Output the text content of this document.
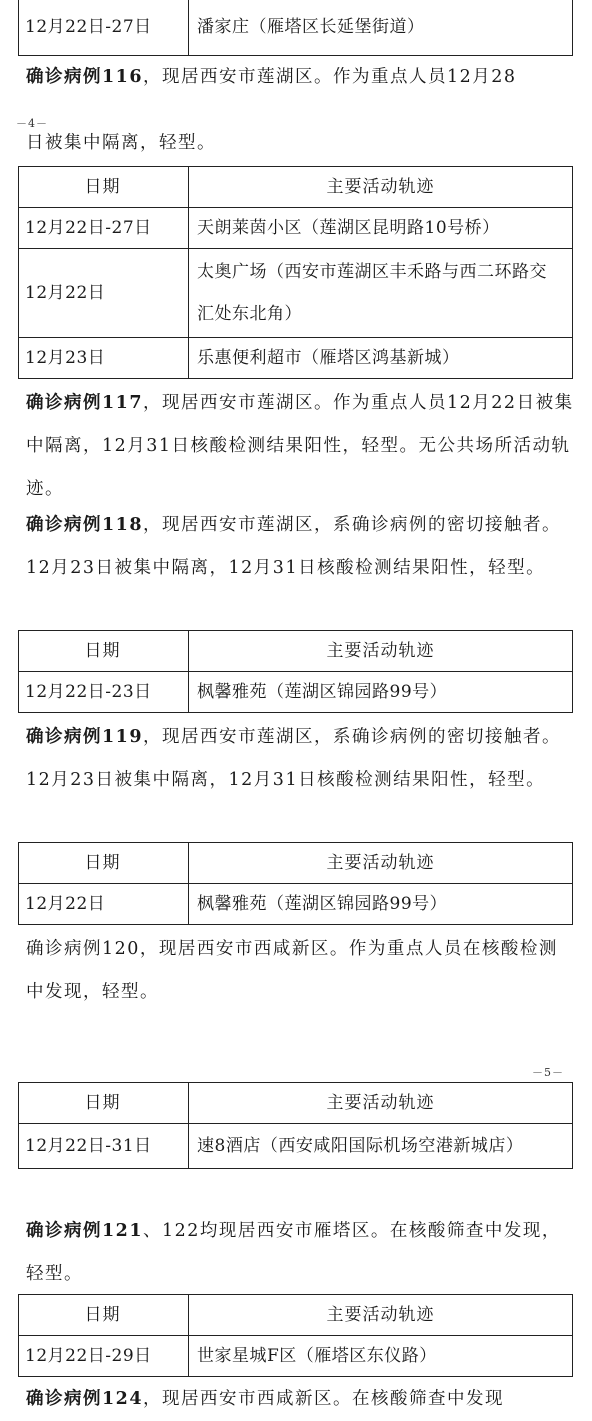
12月22日-27日	潘家庄（雁塔区长延堡街道）

确诊病例116，现居西安市莲湖区。作为重点人员12月28

－4－

日被集中隔离，轻型。

日期	主要活动轨迹
12月22日-27日	天朗莱茵小区（莲湖区昆明路10号桥）
12月22日	太奥广场（西安市莲湖区丰禾路与西二环路交汇处东北角）
12月23日	乐惠便利超市（雁塔区鸿基新城）

确诊病例117，现居西安市莲湖区。作为重点人员12月22日被集中隔离，12月31日核酸检测结果阳性，轻型。无公共场所活动轨迹。

确诊病例118，现居西安市莲湖区，系确诊病例的密切接触者。12月23日被集中隔离，12月31日核酸检测结果阳性，轻型。

日期	主要活动轨迹
12月22日-23日	枫馨雅苑（莲湖区锦园路99号）

确诊病例119，现居西安市莲湖区，系确诊病例的密切接触者。12月23日被集中隔离，12月31日核酸检测结果阳性，轻型。

日期	主要活动轨迹
12月22日	枫馨雅苑（莲湖区锦园路99号）

确诊病例120，现居西安市西咸新区。作为重点人员在核酸检测中发现，轻型。

－5－
日期	主要活动轨迹
12月22日-31日	速8酒店（西安咸阳国际机场空港新城店）

确诊病例121、122均现居西安市雁塔区。在核酸筛查中发现，轻型。

日期	主要活动轨迹
12月22日-29日	世家星城F区（雁塔区东仪路）

确诊病例124，现居西安市西咸新区。在核酸筛查中发现
